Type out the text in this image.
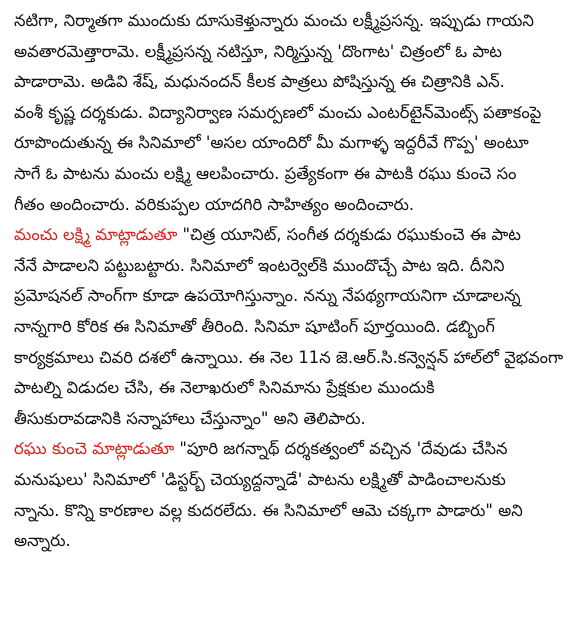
నటిగా, నిర్మాతగా ముందుకు దూసుకెళ్తున్నారు మంచు లక్ష్మీప్రసన్న. ఇప్పుడు గాయని
అవతారమెత్తారామె. లక్ష్మీప్రసన్న నటిస్తూ, నిర్మిస్తున్న 'దొంగాట' చిత్రంలో ఓ పాట
పాడారామె. అడివి శేష్, మధునందన్ కీలక పాత్రలు పోషిస్తున్న ఈ చిత్రానికి ఎన్.
వంశీ కృష్ణ దర్శకుడు. విద్యానిర్వాణ సమర్పణలో మంచు ఎంటర్‌టైన్‌మెంట్స్ పతాకంపై
రూపొందుతున్న ఈ సినిమాలో 'అసల యాందిరో మీ మగాళ్ళ ఇద్దరీవే గొప్ప' అంటూ
సాగే ఓ పాటను మంచు లక్ష్మి ఆలపించారు. ప్రత్యేకంగా ఈ పాటకి రఘు కుంచె సం
గీతం అందించారు. వరికుప్పల యాదగిరి సాహిత్యం అందించారు.

మంచు లక్ష్మి మాట్లాడుతూ "చిత్ర యూనిట్, సంగీత దర్శకుడు రఘుకుంచె ఈ పాట
నేనే పాడాలని పట్టుబట్టారు. సినిమాలో ఇంటర్వెల్‌కి ముందొచ్చే పాట ఇది. దీనిని
ప్రమోషనల్ సాంగ్‌గా కూడా ఉపయోగిస్తున్నాం. నన్ను నేపథ్యగాయనిగా చూడాలన్న
నాన్నగారి కోరిక ఈ సినిమాతో తీరింది. సినిమా షూటింగ్ పూర్తయింది. డబ్బింగ్
కార్యక్రమాలు చివరి దశలో ఉన్నాయి. ఈ నెల 11న జె.ఆర్.సి.కన్వెన్షన్ హాల్‌లో వైభవంగా
పాటల్ని విడుదల చేసి, ఈ నెలాఖరులో సినిమాను ప్రేక్షకుల ముందుకి
తీసుకురావడానికి సన్నాహాలు చేస్తున్నాం" అని తెలిపారు.

రఘు కుంచె మాట్లాడుతూ "పూరి జగన్నాథ్ దర్శకత్వంలో వచ్చిన 'దేవుడు చేసిన
మనుషులు' సినిమాలో 'డిస్టర్బ్ చెయ్యద్దన్నాడే' పాటను లక్ష్మితో పాడించాలనుకు
న్నాను. కొన్ని కారణాల వల్ల కుదరలేదు. ఈ సినిమాలో ఆమె చక్కగా పాడారు" అని
అన్నారు.
